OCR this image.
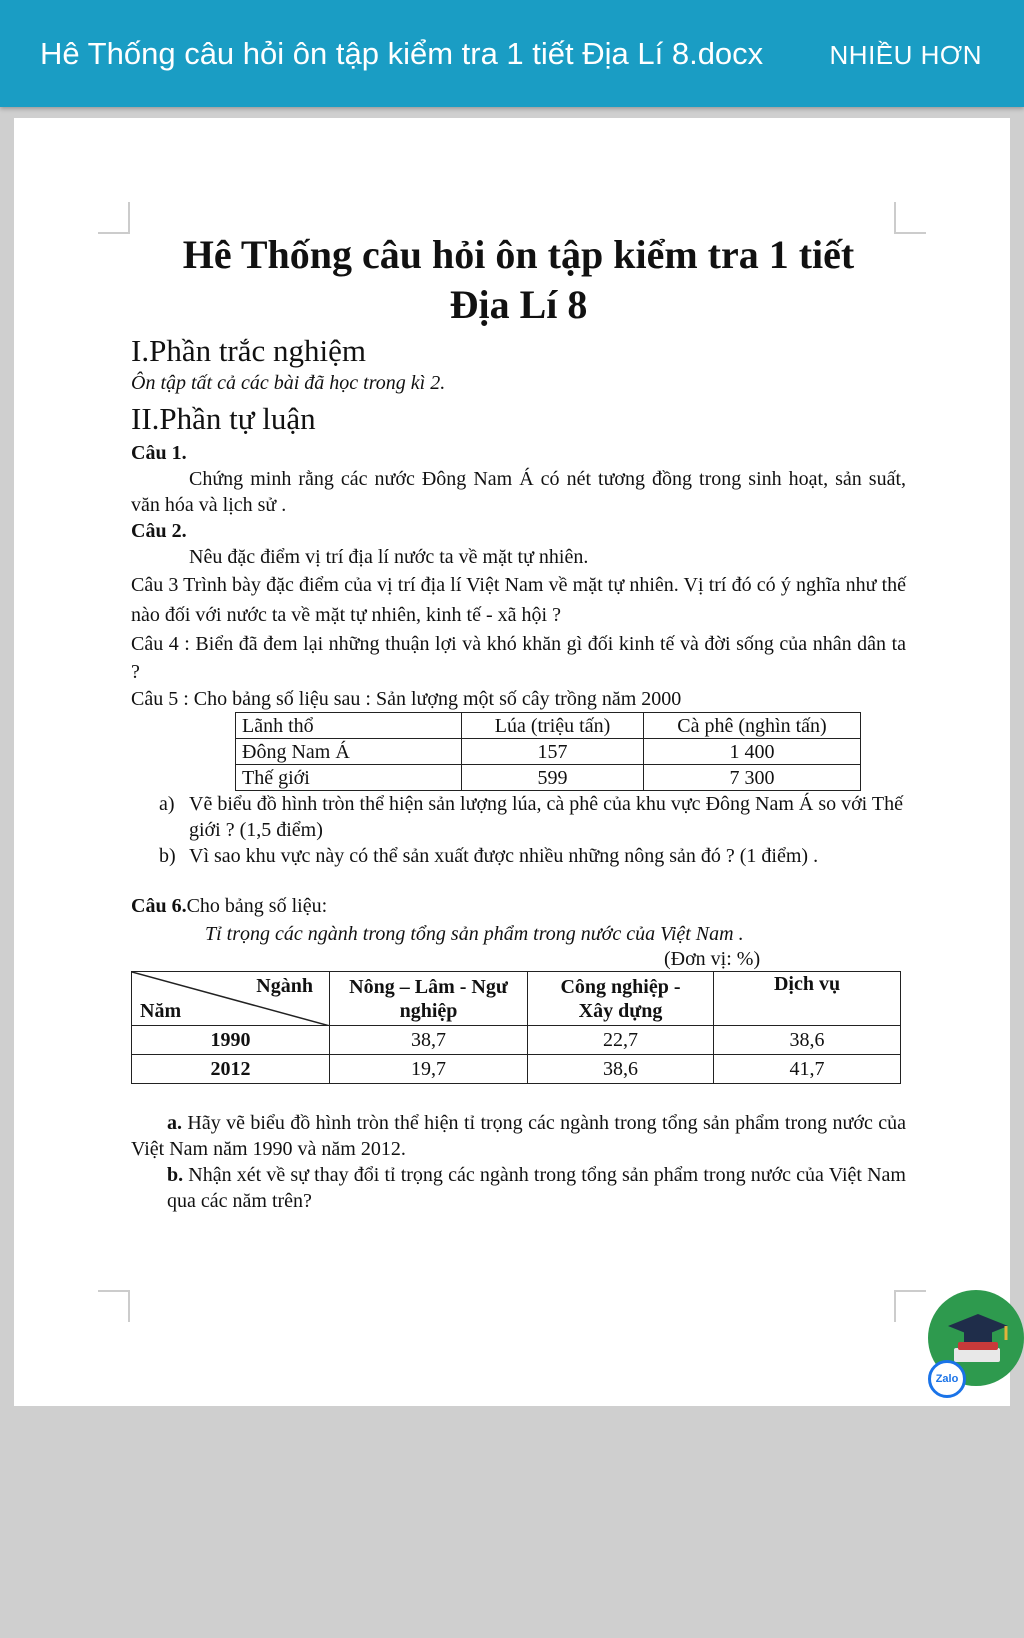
Hê Thống câu hỏi ôn tập kiểm tra 1 tiết Địa Lí 8.docx	NHIỀU HƠN
Hê Thống câu hỏi ôn tập kiểm tra 1 tiết
Địa Lí 8
I.Phần trắc nghiệm
Ôn tập tất cả các bài đã học trong kì 2.
II.Phần tự luận
Câu 1.
Chứng minh rằng các nước Đông Nam Á có nét tương đồng trong sinh hoạt, sản suất, văn hóa và lịch sử .
Câu 2.
Nêu đặc điểm vị trí địa lí nước ta về mặt tự nhiên.
Câu 3 Trình bày đặc điểm của vị trí địa lí Việt Nam về mặt tự nhiên. Vị trí đó có ý nghĩa như thế nào đối với nước ta về mặt tự nhiên, kinh tế - xã hội ?
Câu 4 : Biển đã đem lại những thuận lợi và khó khăn gì đối kinh tế và đời sống của nhân dân ta ?
Câu 5 : Cho bảng số liệu sau : Sản lượng một số cây trồng năm 2000
Lãnh thổ	Lúa (triệu tấn)	Cà phê (nghìn tấn)
Đông Nam Á	157	1 400
Thế giới	599	7 300
a) Vẽ biểu đồ hình tròn thể hiện sản lượng lúa, cà phê của khu vực Đông Nam Á so với Thế giới ? (1,5 điểm)
b) Vì sao khu vực này có thể sản xuất được nhiều những nông sản đó ? (1 điểm) .
Câu 6.Cho bảng số liệu:
Tỉ trọng các ngành trong tổng sản phẩm trong nước của Việt Nam .
(Đơn vị: %)
Ngành
Năm	Nông – Lâm - Ngư nghiệp	Công nghiệp - Xây dựng	Dịch vụ
1990	38,7	22,7	38,6
2012	19,7	38,6	41,7
a. Hãy vẽ biểu đồ hình tròn thể hiện tỉ trọng các ngành trong tổng sản phẩm trong nước của Việt Nam năm 1990 và năm 2012.
b. Nhận xét về sự thay đổi tỉ trọng các ngành trong tổng sản phẩm trong nước của Việt Nam qua các năm trên?
Zalo
